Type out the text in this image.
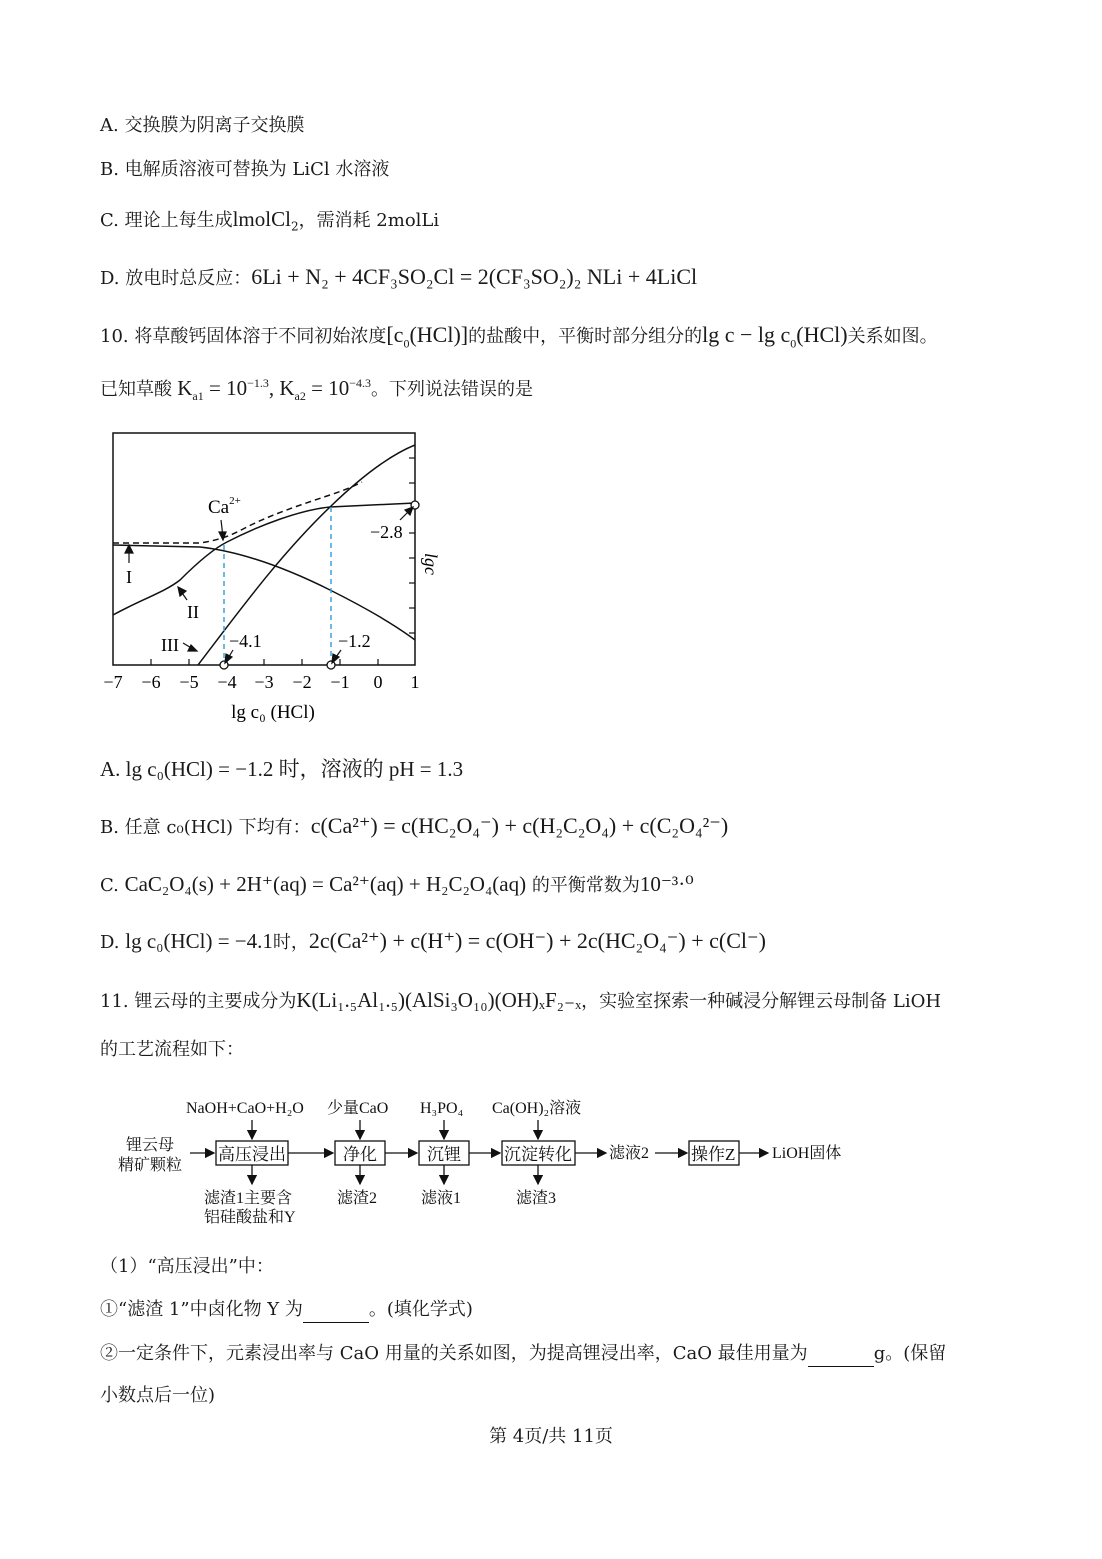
A. 交换膜为阴离子交换膜
B. 电解质溶液可替换为 LiCl 水溶液
C. 理论上每生成lmolCl$_2$，需消耗 2molLi
D. 放电时总反应：6Li + N₂ + 4CF₃SO₂Cl = 2(CF₃SO₂)₂ NLi + 4LiCl
10. 将草酸钙固体溶于不同初始浓度$[c_0(HCl)]$的盐酸中，平衡时部分组分的$\lg c - \lg c_0(HCl)$关系如图。
已知草酸 $K_{a1} = 10^{-1.3}$, $K_{a2} = 10^{-4.3}$。下列说法错误的是
$Ca^{2+}$
I
II
III
−2.8
−4.1	−1.2
lgc
−7 −6 −5 −4 −3 −2 −1 0 1
lg c₀ (HCl)
A. lg c₀(HCl) = −1.2 时，溶液的 pH = 1.3
B. 任意 c₀(HCl) 下均有：c(Ca²⁺) = c(HC₂O₄⁻) + c(H₂C₂O₄) + c(C₂O₄²⁻)
C. CaC₂O₄(s) + 2H⁺(aq) = Ca²⁺(aq) + H₂C₂O₄(aq) 的平衡常数为10⁻³·⁰
D. lg c₀(HCl) = −4.1时，2c(Ca²⁺) + c(H⁺) = c(OH⁻) + 2c(HC₂O₄⁻) + c(Cl⁻)
11. 锂云母的主要成分为K(Li₁.₅Al₁.₅)(AlSi₃O₁₀)(OH)ₓF₂₋ₓ，实验室探索一种碱浸分解锂云母制备 LiOH
的工艺流程如下：
锂云母
精矿颗粒
NaOH+CaO+H₂O 少量CaO H₃PO₄ Ca(OH)₂溶液
高压浸出	净化	沉锂	沉淀转化	操作Z
滤液2	LiOH固体
滤渣1主要含
铝硅酸盐和Y
滤渣2	滤液1	滤渣3
（1）“高压浸出”中：
①“滤渣 1”中卤化物 Y 为	。(填化学式)
②一定条件下，元素浸出率与 CaO 用量的关系如图，为提高锂浸出率，CaO 最佳用量为	g。(保留
小数点后一位)
第 4页/共 11页
